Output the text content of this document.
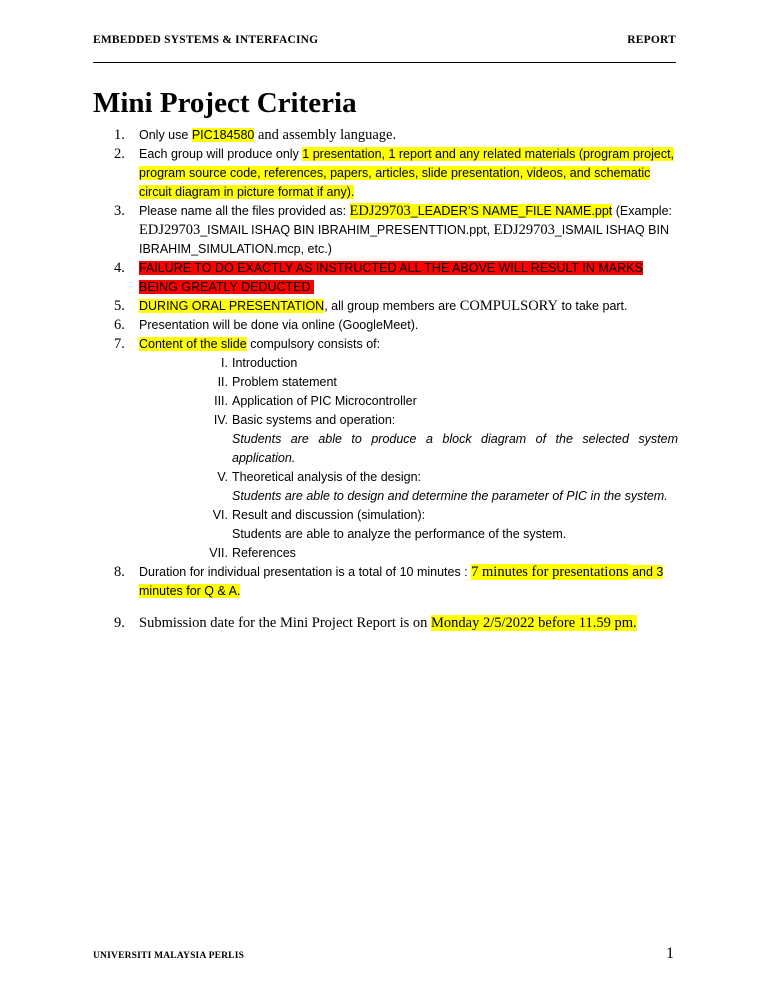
EMBEDDED SYSTEMS & INTERFACING	REPORT
Mini Project Criteria
1. Only use PIC184580 and assembly language.
2. Each group will produce only 1 presentation, 1 report and any related materials (program project, program source code, references, papers, articles, slide presentation, videos, and schematic circuit diagram in picture format if any).
3. Please name all the files provided as: EDJ29703_LEADER’S NAME_FILE NAME.ppt (Example: EDJ29703_ISMAIL ISHAQ BIN IBRAHIM_PRESENTTION.ppt, EDJ29703_ISMAIL ISHAQ BIN IBRAHIM_SIMULATION.mcp, etc.)
4. FAILURE TO DO EXACTLY AS INSTRUCTED ALL THE ABOVE WILL RESULT IN MARKS BEING GREATLY DEDUCTED.
5. DURING ORAL PRESENTATION, all group members are COMPULSORY to take part.
6. Presentation will be done via online (GoogleMeet).
7. Content of the slide compulsory consists of:
I. Introduction
II. Problem statement
III. Application of PIC Microcontroller
IV. Basic systems and operation:
Students are able to produce a block diagram of the selected system application.
V. Theoretical analysis of the design:
Students are able to design and determine the parameter of PIC in the system.
VI. Result and discussion (simulation):
Students are able to analyze the performance of the system.
VII. References
8. Duration for individual presentation is a total of 10 minutes : 7 minutes for presentations and 3 minutes for Q & A.
9. Submission date for the Mini Project Report is on Monday 2/5/2022 before 11.59 pm.
UNIVERSITI MALAYSIA PERLIS	1
